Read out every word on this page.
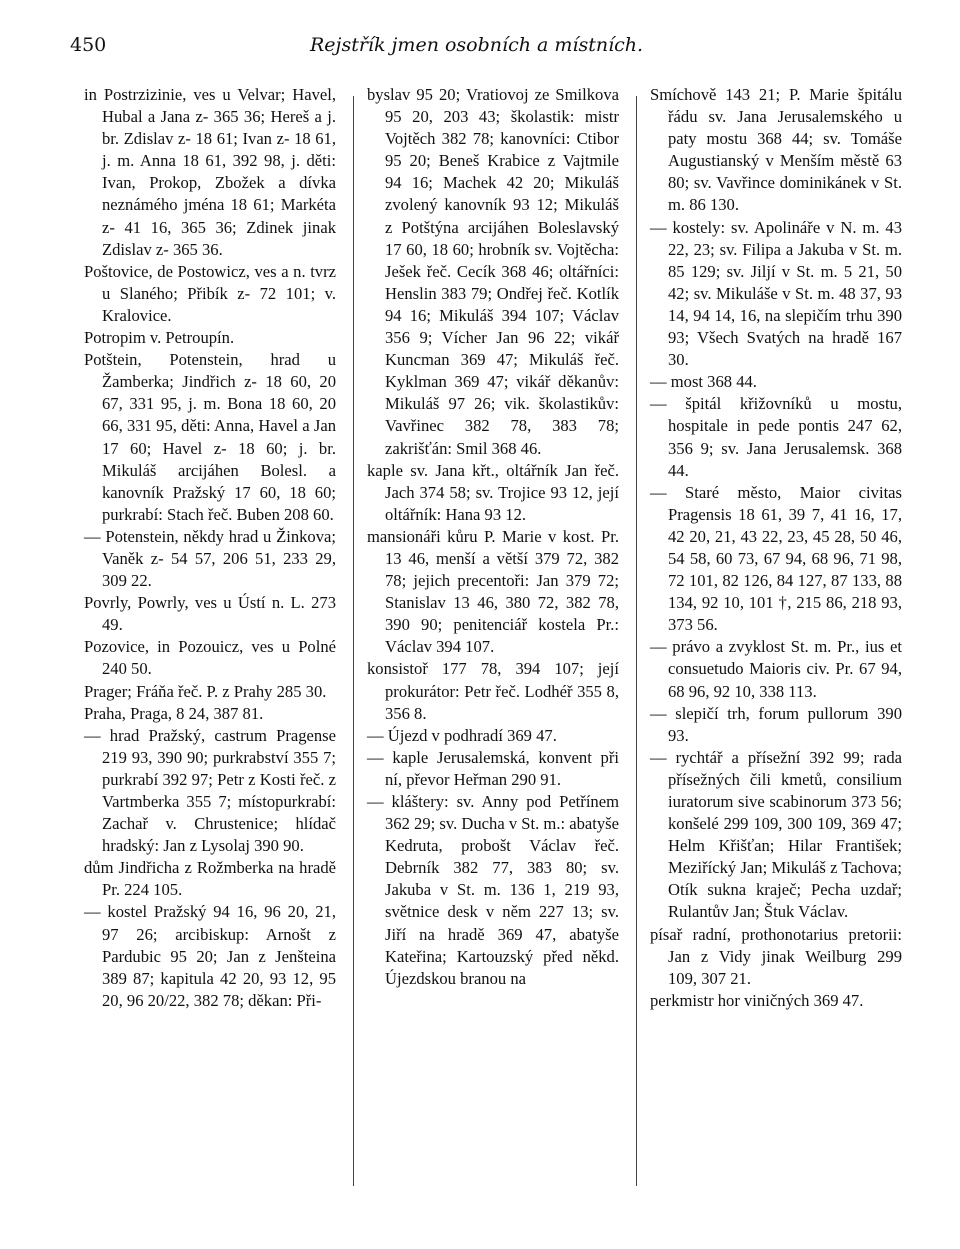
450	Rejstřík jmen osobních a místních.

in Postrzizinie, ves u Velvar; Havel, Hubal a Jana z- 365 36; Hereš a j. br. Zdislav z- 18 61; Ivan z- 18 61, j. m. Anna 18 61, 392 98, j. děti: Ivan, Prokop, Zbožek a dívka neznámého jména 18 61; Markéta z- 41 16, 365 36; Zdinek jinak Zdislav z- 365 36.

Poštovice, de Postowicz, ves a n. tvrz u Slaného; Přibík z- 72 101; v. Kralovice.

Potropim v. Petroupín.

Potštein, Potenstein, hrad u Žamberka; Jindřich z- 18 60, 20 67, 331 95, j. m. Bona 18 60, 20 66, 331 95, děti: Anna, Havel a Jan 17 60; Havel z- 18 60; j. br. Mikuláš arcijáhen Bolesl. a kanovník Pražský 17 60, 18 60; purkrabí: Stach řeč. Buben 208 60.

— Potenstein, někdy hrad u Žinkova; Vaněk z- 54 57, 206 51, 233 29, 309 22.

Povrly, Powrly, ves u Ústí n. L. 273 49.

Pozovice, in Pozouicz, ves u Polné 240 50.

Prager; Fráňa řeč. P. z Prahy 285 30.

Praha, Praga, 8 24, 387 81.

— hrad Pražský, castrum Pragense 219 93, 390 90; purkrabství 355 7; purkrabí 392 97; Petr z Kosti řeč. z Vartmberka 355 7; místopurkrabí: Zachař v. Chrustenice; hlídač hradský: Jan z Lysolaj 390 90.

dům Jindřicha z Rožmberka na hradě Pr. 224 105.

— kostel Pražský 94 16, 96 20, 21, 97 26; arcibiskup: Arnošt z Pardubic 95 20; Jan z Jenšteina 389 87; kapitula 42 20, 93 12, 95 20, 96 20/22, 382 78; děkan: Při-

byslav 95 20; Vratiovoj ze Smilkova 95 20, 203 43; školastik: mistr Vojtěch 382 78; kanovníci: Ctibor 95 20; Beneš Krabice z Vajtmile 94 16; Machek 42 20; Mikuláš zvolený kanovník 93 12; Mikuláš z Potštýna arcijáhen Boleslavský 17 60, 18 60; hrobník sv. Vojtěcha: Ješek řeč. Cecík 368 46; oltářníci: Henslin 383 79; Ondřej řeč. Kotlík 94 16; Mikuláš 394 107; Václav 356 9; Vícher Jan 96 22; vikář Kuncman 369 47; Mikuláš řeč. Kyklman 369 47; vikář děkanův: Mikuláš 97 26; vik. školastikův: Vavřinec 382 78, 383 78; zakrišťán: Smil 368 46.

kaple sv. Jana křt., oltářník Jan řeč. Jach 374 58; sv. Trojice 93 12, její oltářník: Hana 93 12.

mansionáři kůru P. Marie v kost. Pr. 13 46, menší a větší 379 72, 382 78; jejich precentoři: Jan 379 72; Stanislav 13 46, 380 72, 382 78, 390 90; penitenciář kostela Pr.: Václav 394 107.

konsistoř 177 78, 394 107; její prokurátor: Petr řeč. Lodhéř 355 8, 356 8.

— Újezd v podhradí 369 47.

— kaple Jerusalemská, konvent při ní, převor Heřman 290 91.

— kláštery: sv. Anny pod Petřínem 362 29; sv. Ducha v St. m.: abatyše Kedruta, probošt Václav řeč. Debrník 382 77, 383 80; sv. Jakuba v St. m. 136 1, 219 93, světnice desk v něm 227 13; sv. Jiří na hradě 369 47, abatyše Kateřina; Kartouzský před někd. Újezdskou branou na

Smíchově 143 21; P. Marie špitálu řádu sv. Jana Jerusalemského u paty mostu 368 44; sv. Tomáše Augustianský v Menším městě 63 80; sv. Vavřince dominikánek v St. m. 86 130.

— kostely: sv. Apolináře v N. m. 43 22, 23; sv. Filipa a Jakuba v St. m. 85 129; sv. Jiljí v St. m. 5 21, 50 42; sv. Mikuláše v St. m. 48 37, 93 14, 94 14, 16, na slepičím trhu 390 93; Všech Svatých na hradě 167 30.

— most 368 44.

— špitál křižovníků u mostu, hospitale in pede pontis 247 62, 356 9; sv. Jana Jerusalemsk. 368 44.

— Staré město, Maior civitas Pragensis 18 61, 39 7, 41 16, 17, 42 20, 21, 43 22, 23, 45 28, 50 46, 54 58, 60 73, 67 94, 68 96, 71 98, 72 101, 82 126, 84 127, 87 133, 88 134, 92 10, 101 †, 215 86, 218 93, 373 56.

— právo a zvyklost St. m. Pr., ius et consuetudo Maioris civ. Pr. 67 94, 68 96, 92 10, 338 113.

— slepičí trh, forum pullorum 390 93.

— rychtář a přísežní 392 99; rada přísežných čili kmetů, consilium iuratorum sive scabinorum 373 56; konšelé 299 109, 300 109, 369 47; Helm Křišťan; Hilar František; Meziřícký Jan; Mikuláš z Tachova; Otík sukna kraječ; Pecha uzdař; Rulantův Jan; Štuk Václav.

písař radní, prothonotarius pretorii: Jan z Vidy jinak Weilburg 299 109, 307 21.

perkmistr hor viničných 369 47.
